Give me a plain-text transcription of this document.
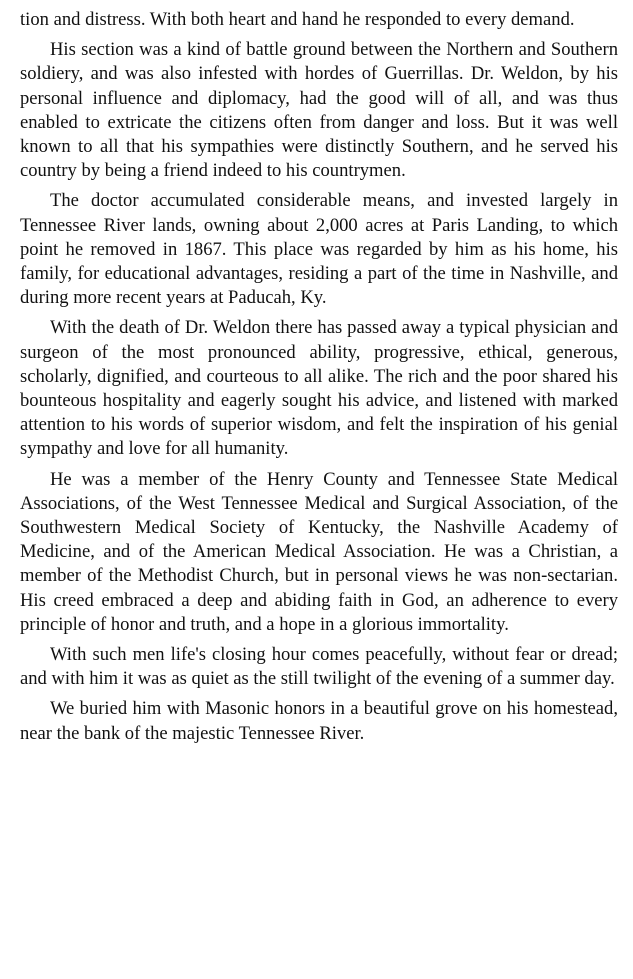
tion and distress. With both heart and hand he responded to every demand.

His section was a kind of battle ground between the Northern and Southern soldiery, and was also infested with hordes of Guerrillas. Dr. Weldon, by his personal influence and diplomacy, had the good will of all, and was thus enabled to extricate the citizens often from danger and loss. But it was well known to all that his sympathies were distinctly Southern, and he served his country by being a friend indeed to his countrymen.

The doctor accumulated considerable means, and invested largely in Tennessee River lands, owning about 2,000 acres at Paris Landing, to which point he removed in 1867. This place was regarded by him as his home, his family, for educational advantages, residing a part of the time in Nashville, and during more recent years at Paducah, Ky.

With the death of Dr. Weldon there has passed away a typical physician and surgeon of the most pronounced ability, progressive, ethical, generous, scholarly, dignified, and courteous to all alike. The rich and the poor shared his bounteous hospitality and eagerly sought his advice, and listened with marked attention to his words of superior wisdom, and felt the inspiration of his genial sympathy and love for all humanity.

He was a member of the Henry County and Tennessee State Medical Associations, of the West Tennessee Medical and Surgical Association, of the Southwestern Medical Society of Kentucky, the Nashville Academy of Medicine, and of the American Medical Association. He was a Christian, a member of the Methodist Church, but in personal views he was non-sectarian. His creed embraced a deep and abiding faith in God, an adherence to every principle of honor and truth, and a hope in a glorious immortality.

With such men life's closing hour comes peacefully, without fear or dread; and with him it was as quiet as the still twilight of the evening of a summer day.

We buried him with Masonic honors in a beautiful grove on his homestead, near the bank of the majestic Tennessee River.
